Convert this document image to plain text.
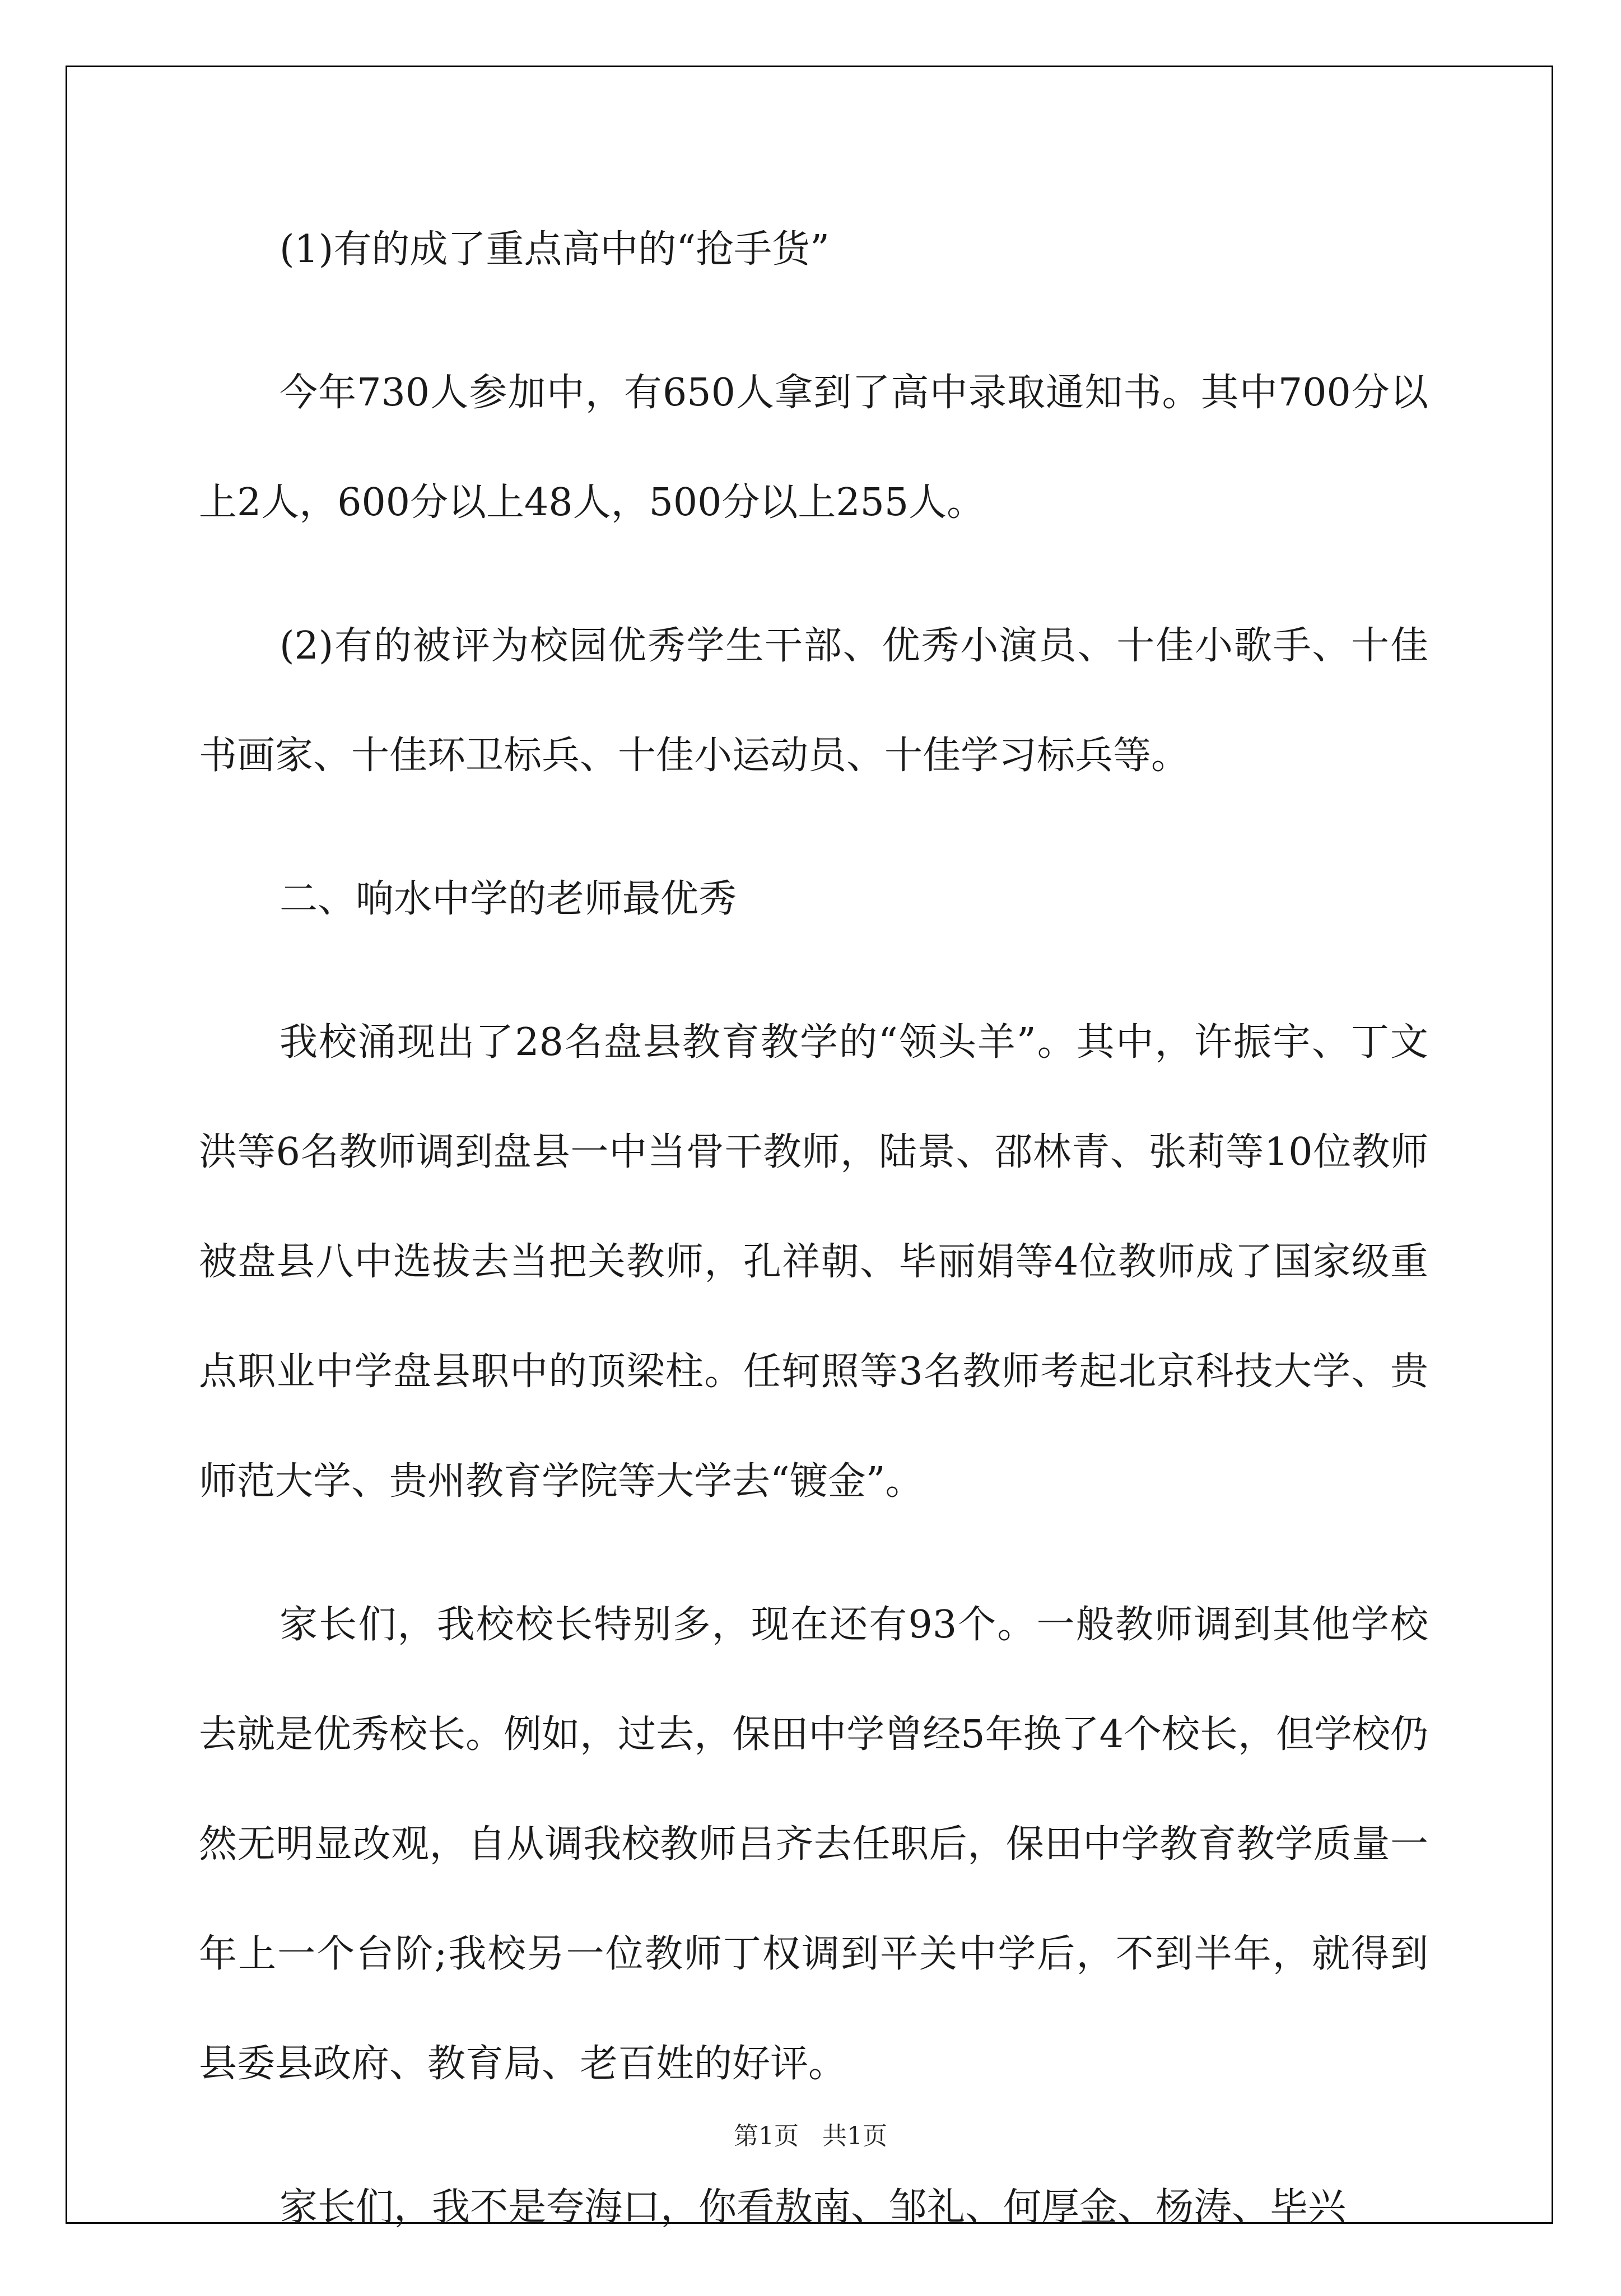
(1)有的成了重点高中的“抢手货”

今年730人参加中，有650人拿到了高中录取通知书。其中700分以上2人，600分以上48人，500分以上255人。

(2)有的被评为校园优秀学生干部、优秀小演员、十佳小歌手、十佳书画家、十佳环卫标兵、十佳小运动员、十佳学习标兵等。

二、响水中学的老师最优秀

我校涌现出了28名盘县教育教学的“领头羊”。其中，许振宇、丁文洪等6名教师调到盘县一中当骨干教师，陆景、邵林青、张莉等10位教师被盘县八中选拔去当把关教师，孔祥朝、毕丽娟等4位教师成了国家级重点职业中学盘县职中的顶梁柱。任轲照等3名教师考起北京科技大学、贵师范大学、贵州教育学院等大学去“镀金”。

家长们，我校校长特别多，现在还有93个。一般教师调到其他学校去就是优秀校长。例如，过去，保田中学曾经5年换了4个校长，但学校仍然无明显改观，自从调我校教师吕齐去任职后，保田中学教育教学质量一年上一个台阶;我校另一位教师丁权调到平关中学后，不到半年，就得到县委县政府、教育局、老百姓的好评。

家长们，我不是夸海口，你看敖南、邹礼、何厚金、杨涛、毕兴

第1页 共1页
